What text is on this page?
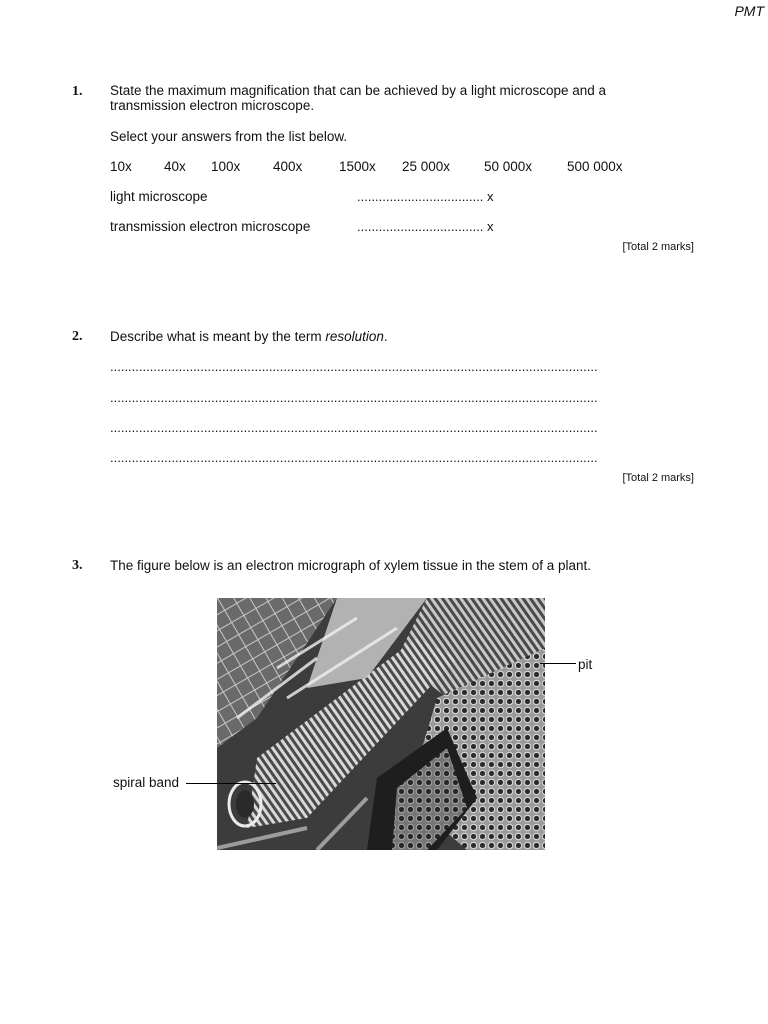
PMT
1. State the maximum magnification that can be achieved by a light microscope and a
transmission electron microscope.
Select your answers from the list below.
10x 40x 100x 400x	1500x 25 000x	50 000x	500 000x
light microscope	................................... x
transmission electron microscope	................................... x
[Total 2 marks]
2. Describe what is meant by the term resolution.
.......................................................................................................................................
.......................................................................................................................................
.......................................................................................................................................
.......................................................................................................................................
[Total 2 marks]
3. The figure below is an electron micrograph of xylem tissue in the stem of a plant.
pit
spiral band
